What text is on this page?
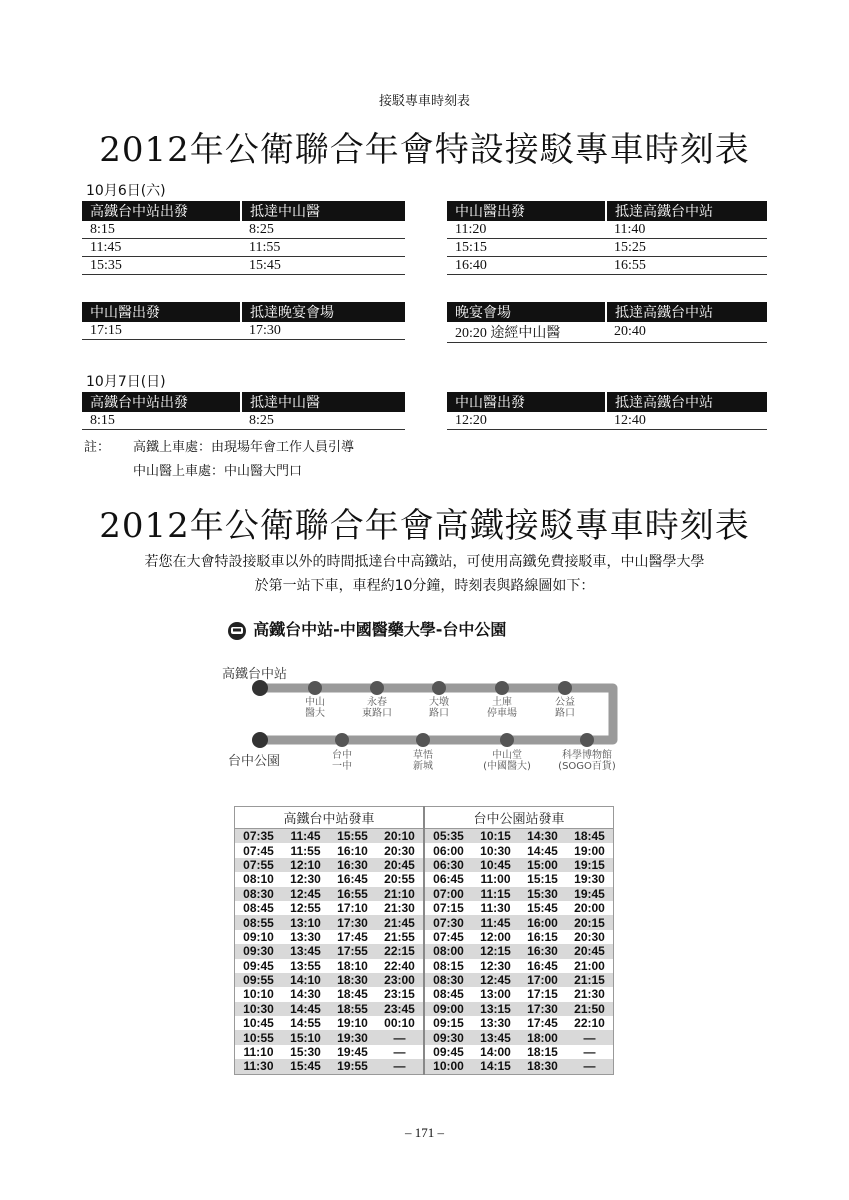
接駁專車時刻表
2012年公衛聯合年會特設接駁專車時刻表
10月6日(六)
高鐵台中站出發	抵達中山醫
8:15	8:25
11:45	11:55
15:35	15:45
中山醫出發	抵達高鐵台中站
11:20	11:40
15:15	15:25
16:40	16:55
中山醫出發	抵達晚宴會場
17:15	17:30
晚宴會場	抵達高鐵台中站
20:20 途經中山醫	20:40
10月7日(日)
高鐵台中站出發	抵達中山醫
8:15	8:25
中山醫出發	抵達高鐵台中站
12:20	12:40
註： 高鐵上車處：由現場年會工作人員引導
中山醫上車處：中山醫大門口
2012年公衛聯合年會高鐵接駁專車時刻表
若您在大會特設接駁車以外的時間抵達台中高鐵站，可使用高鐵免費接駁車，中山醫學大學
於第一站下車，車程約10分鐘，時刻表與路線圖如下：
高鐵台中站-中國醫藥大學-台中公園
高鐵台中站
台中公園
中山
醫大
永春
東路口
大墩
路口
土庫
停車場
公益
路口
台中
一中
草悟
新城
中山堂
(中國醫大)
科學博物館
(SOGO百貨)
高鐵台中站發車				台中公園站發車			
07:35	11:45	15:55	20:10	05:35	10:15	14:30	18:45
07:45	11:55	16:10	20:30	06:00	10:30	14:45	19:00
07:55	12:10	16:30	20:45	06:30	10:45	15:00	19:15
08:10	12:30	16:45	20:55	06:45	11:00	15:15	19:30
08:30	12:45	16:55	21:10	07:00	11:15	15:30	19:45
08:45	12:55	17:10	21:30	07:15	11:30	15:45	20:00
08:55	13:10	17:30	21:45	07:30	11:45	16:00	20:15
09:10	13:30	17:45	21:55	07:45	12:00	16:15	20:30
09:30	13:45	17:55	22:15	08:00	12:15	16:30	20:45
09:45	13:55	18:10	22:40	08:15	12:30	16:45	21:00
09:55	14:10	18:30	23:00	08:30	12:45	17:00	21:15
10:10	14:30	18:45	23:15	08:45	13:00	17:15	21:30
10:30	14:45	18:55	23:45	09:00	13:15	17:30	21:50
10:45	14:55	19:10	00:10	09:15	13:30	17:45	22:10
10:55	15:10	19:30	—	09:30	13:45	18:00	—
11:10	15:30	19:45	—	09:45	14:00	18:15	—
11:30	15:45	19:55	—	10:00	14:15	18:30	—
– 171 –
